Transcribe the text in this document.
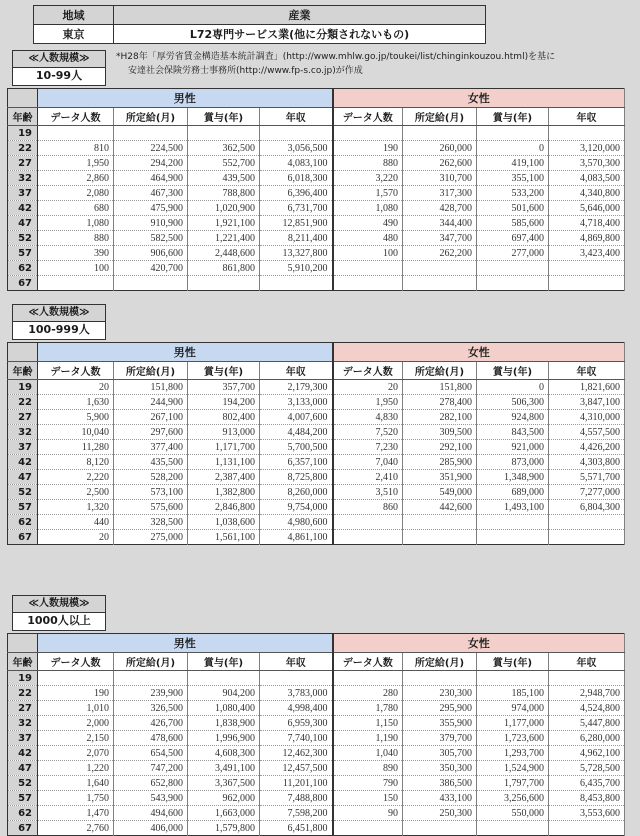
地域	産業
東京	L72専門サービス業(他に分類されないもの)
≪人数規模≫
10-99人
*H28年「厚労省賃金構造基本統計調査」(http://www.mhlw.go.jp/toukei/list/chinginkouzou.html)を基に
安達社会保険労務士事務所(http://www.fp-s.co.jp)が作成
	男性				女性			
年齢	データ人数	所定給(月)	賞与(年)	年収	データ人数	所定給(月)	賞与(年)	年収
19								
22	810	224,500	362,500	3,056,500	190	260,000	0	3,120,000
27	1,950	294,200	552,700	4,083,100	880	262,600	419,100	3,570,300
32	2,860	464,900	439,500	6,018,300	3,220	310,700	355,100	4,083,500
37	2,080	467,300	788,800	6,396,400	1,570	317,300	533,200	4,340,800
42	680	475,900	1,020,900	6,731,700	1,080	428,700	501,600	5,646,000
47	1,080	910,900	1,921,100	12,851,900	490	344,400	585,600	4,718,400
52	880	582,500	1,221,400	8,211,400	480	347,700	697,400	4,869,800
57	390	906,600	2,448,600	13,327,800	100	262,200	277,000	3,423,400
62	100	420,700	861,800	5,910,200				
67								
≪人数規模≫
100-999人
	男性				女性			
年齢	データ人数	所定給(月)	賞与(年)	年収	データ人数	所定給(月)	賞与(年)	年収
19	20	151,800	357,700	2,179,300	20	151,800	0	1,821,600
22	1,630	244,900	194,200	3,133,000	1,950	278,400	506,300	3,847,100
27	5,900	267,100	802,400	4,007,600	4,830	282,100	924,800	4,310,000
32	10,040	297,600	913,000	4,484,200	7,520	309,500	843,500	4,557,500
37	11,280	377,400	1,171,700	5,700,500	7,230	292,100	921,000	4,426,200
42	8,120	435,500	1,131,100	6,357,100	7,040	285,900	873,000	4,303,800
47	2,220	528,200	2,387,400	8,725,800	2,410	351,900	1,348,900	5,571,700
52	2,500	573,100	1,382,800	8,260,000	3,510	549,000	689,000	7,277,000
57	1,320	575,600	2,846,800	9,754,000	860	442,600	1,493,100	6,804,300
62	440	328,500	1,038,600	4,980,600				
67	20	275,000	1,561,100	4,861,100				
≪人数規模≫
1000人以上
	男性				女性			
年齢	データ人数	所定給(月)	賞与(年)	年収	データ人数	所定給(月)	賞与(年)	年収
19								
22	190	239,900	904,200	3,783,000	280	230,300	185,100	2,948,700
27	1,010	326,500	1,080,400	4,998,400	1,780	295,900	974,000	4,524,800
32	2,000	426,700	1,838,900	6,959,300	1,150	355,900	1,177,000	5,447,800
37	2,150	478,600	1,996,900	7,740,100	1,190	379,700	1,723,600	6,280,000
42	2,070	654,500	4,608,300	12,462,300	1,040	305,700	1,293,700	4,962,100
47	1,220	747,200	3,491,100	12,457,500	890	350,300	1,524,900	5,728,500
52	1,640	652,800	3,367,500	11,201,100	790	386,500	1,797,700	6,435,700
57	1,750	543,900	962,000	7,488,800	150	433,100	3,256,600	8,453,800
62	1,470	494,600	1,663,000	7,598,200	90	250,300	550,000	3,553,600
67	2,760	406,000	1,579,800	6,451,800				
